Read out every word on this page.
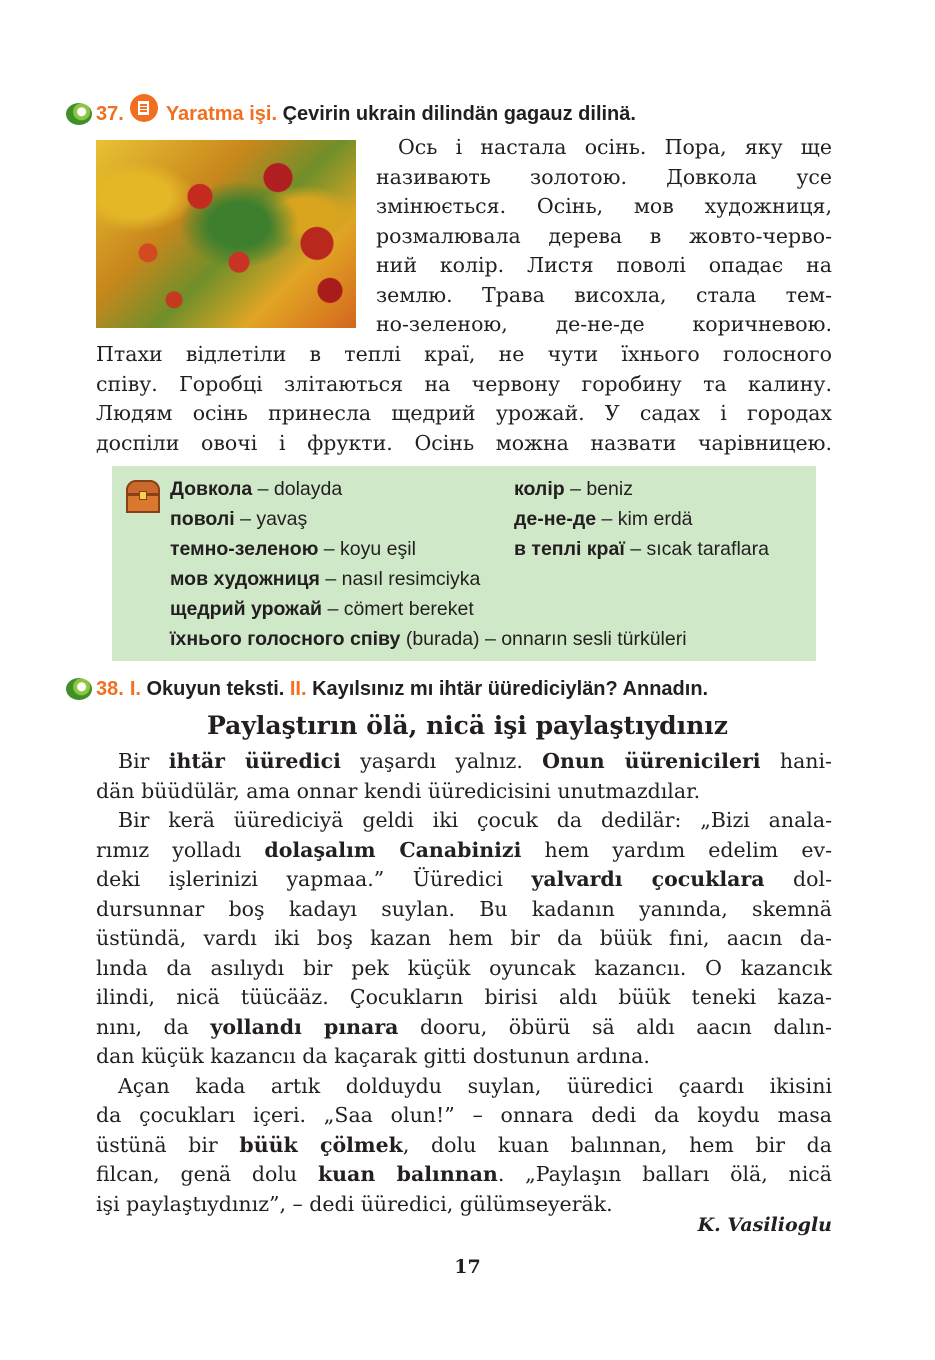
37. Yaratma işi.
Çevirin ukrain dilindän gagauz dilinä.
Ось і настала осінь. Пора, яку ще
називають золотою. Довкола усе
змінюється. Осінь, мов художниця,
розмалювала дерева в жовто-черво-
ний колір. Листя поволі опадає на
землю. Трава висохла, стала тем-
но-зеленою, де-не-де коричневою.
Птахи відлетіли в теплі краї, не чути їхнього голосного
співу. Горобці злітаються на червону горобину та калину.
Людям осінь принесла щедрий урожай. У садах і городах
доспіли овочі і фрукти. Осінь можна назвати чарівницею.
Довкола – dolayda	колір – beniz
поволі – yavaş	де-не-де – kim erdä
темно-зеленою – koyu eşil	в теплі краї – sıcak taraflara
мов художниця – nasıl resimciyka
щедрий урожай – cömert bereket
їхнього голосного співу (burada) – onnarın sesli türküleri
38. I.
Okuyun teksti.
II.
Kayılsınız mı ihtär üürediciylän? Annadın.
Paylaştırın ölä, nicä işi paylaştıydınız
Bir ihtär üüredici yaşardı yalnız. Onun üürenicileri hani-
dän büüdülär, ama onnar kendi üüredicisini unutmazdılar.
Bir kerä üürediciyä geldi iki çocuk da dedilär: „Bizi anala-
rımız yolladı dolaşalım Canabinizi hem yardım edelim ev-
deki işlerinizi yapmaa.” Üüredici yalvardı çocuklara dol-
dursunnar boş kadayı suylan. Bu kadanın yanında, skemnä
üstündä, vardı iki boş kazan hem bir da büük fıni, aacın da-
lında da asılıydı bir pek küçük oyuncak kazancıı. O kazancık
ilindi, nicä tüücääz. Çocukların birisi aldı büük teneki kaza-
nını, da yollandı pınara dooru, öbürü sä aldı aacın dalın-
dan küçük kazancıı da kaçarak gitti dostunun ardına.
Açan kada artık dolduydu suylan, üüredici çaardı ikisini
da çocukları içeri. „Saa olun!” – onnara dedi da koydu masa
üstünä bir büük çölmek, dolu kuan balınnan, hem bir da
filcan, genä dolu kuan balınnan. „Paylaşın balları ölä, nicä
işi paylaştıydınız”, – dedi üüredici, gülümseyeräk.
K. Vasilioglu
17
